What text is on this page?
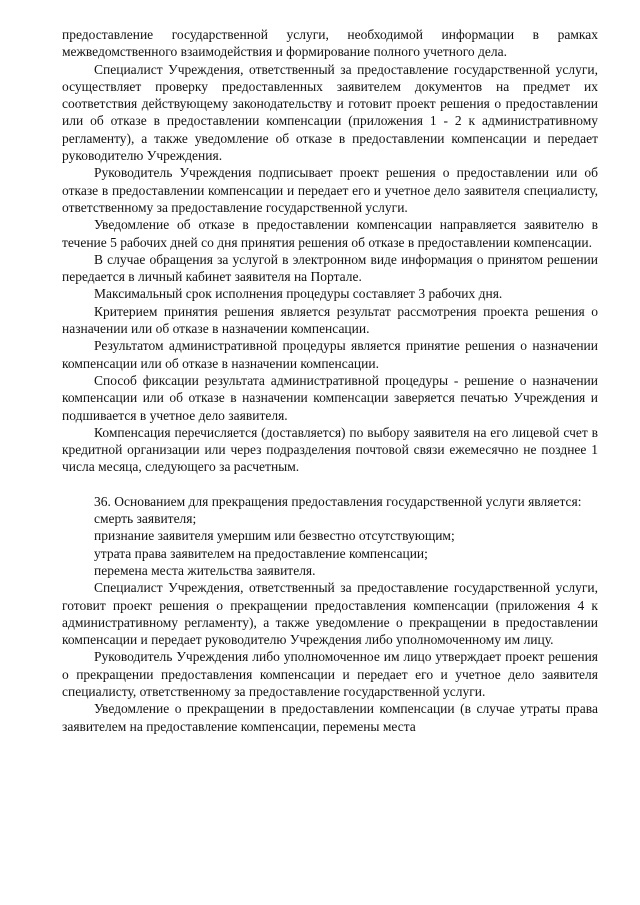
предоставление государственной услуги, необходимой информации в рамках межведомственного взаимодействия и формирование полного учетного дела.

Специалист Учреждения, ответственный за предоставление государственной услуги, осуществляет проверку предоставленных заявителем документов на предмет их соответствия действующему законодательству и готовит проект решения о предоставлении или об отказе в предоставлении компенсации (приложения 1 - 2 к административному регламенту), а также уведомление об отказе в предоставлении компенсации и передает руководителю Учреждения.

Руководитель Учреждения подписывает проект решения о предоставлении или об отказе в предоставлении компенсации и передает его и учетное дело заявителя специалисту, ответственному за предоставление государственной услуги.

Уведомление об отказе в предоставлении компенсации направляется заявителю в течение 5 рабочих дней со дня принятия решения об отказе в предоставлении компенсации.

В случае обращения за услугой в электронном виде информация о принятом решении передается в личный кабинет заявителя на Портале.

Максимальный срок исполнения процедуры составляет 3 рабочих дня.

Критерием принятия решения является результат рассмотрения проекта решения о назначении или об отказе в назначении компенсации.

Результатом административной процедуры является принятие решения о назначении компенсации или об отказе в назначении компенсации.

Способ фиксации результата административной процедуры - решение о назначении компенсации или об отказе в назначении компенсации заверяется печатью Учреждения и подшивается в учетное дело заявителя.

Компенсация перечисляется (доставляется) по выбору заявителя на его лицевой счет в кредитной организации или через подразделения почтовой связи ежемесячно не позднее 1 числа месяца, следующего за расчетным.

36. Основанием для прекращения предоставления государственной услуги является:

смерть заявителя;

признание заявителя умершим или безвестно отсутствующим;

утрата права заявителем на предоставление компенсации;

перемена места жительства заявителя.

Специалист Учреждения, ответственный за предоставление государственной услуги, готовит проект решения о прекращении предоставления компенсации (приложения 4 к административному регламенту), а также уведомление о прекращении в предоставлении компенсации и передает руководителю Учреждения либо уполномоченному им лицу.

Руководитель Учреждения либо уполномоченное им лицо утверждает проект решения о прекращении предоставления компенсации и передает его и учетное дело заявителя специалисту, ответственному за предоставление государственной услуги.

Уведомление о прекращении в предоставлении компенсации (в случае утраты права заявителем на предоставление компенсации, перемены места
